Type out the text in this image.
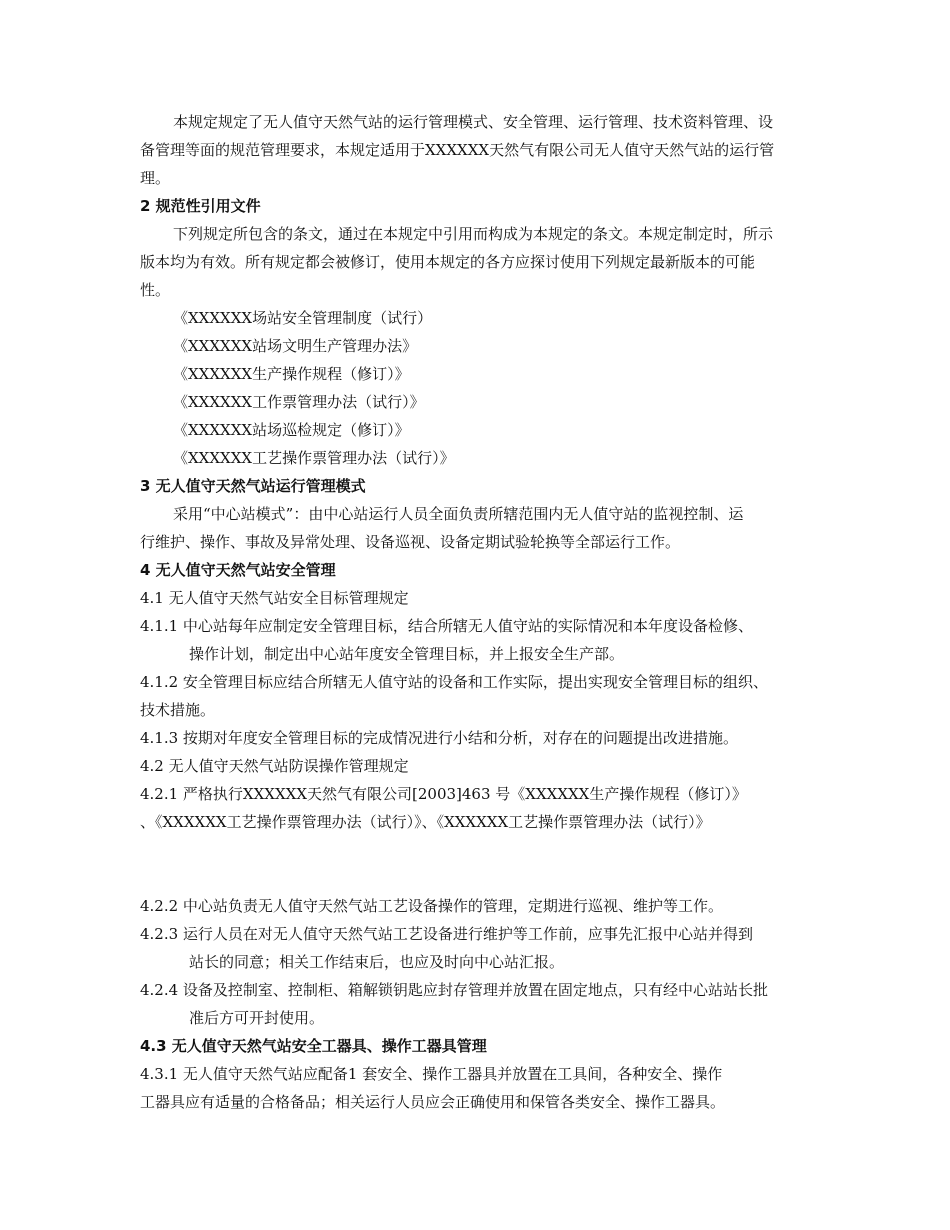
本规定规定了无人值守天然气站的运行管理模式、安全管理、运行管理、技术资料管理、设
备管理等面的规范管理要求，本规定适用于XXXXXX天然气有限公司无人值守天然气站的运行管
理。
2 规范性引用文件
下列规定所包含的条文，通过在本规定中引用而构成为本规定的条文。本规定制定时，所示
版本均为有效。所有规定都会被修订，使用本规定的各方应探讨使用下列规定最新版本的可能
性。
《XXXXXX场站安全管理制度（试行）
《XXXXXX站场文明生产管理办法》
《XXXXXX生产操作规程（修订）》
《XXXXXX工作票管理办法（试行）》
《XXXXXX站场巡检规定（修订）》
《XXXXXX工艺操作票管理办法（试行）》
3 无人值守天然气站运行管理模式
采用“中心站模式”：由中心站运行人员全面负责所辖范围内无人值守站的监视控制、运
行维护、操作、事故及异常处理、设备巡视、设备定期试验轮换等全部运行工作。
4 无人值守天然气站安全管理
4.1 无人值守天然气站安全目标管理规定
4.1.1 中心站每年应制定安全管理目标，结合所辖无人值守站的实际情况和本年度设备检修、
操作计划，制定出中心站年度安全管理目标，并上报安全生产部。
4.1.2 安全管理目标应结合所辖无人值守站的设备和工作实际，提出实现安全管理目标的组织、
技术措施。
4.1.3 按期对年度安全管理目标的完成情况进行小结和分析，对存在的问题提出改进措施。
4.2 无人值守天然气站防误操作管理规定
4.2.1 严格执行XXXXXX天然气有限公司[2003]463 号《XXXXXX生产操作规程（修订）》
、《XXXXXX工艺操作票管理办法（试行）》、《XXXXXX工艺操作票管理办法（试行）》
4.2.2 中心站负责无人值守天然气站工艺设备操作的管理，定期进行巡视、维护等工作。
4.2.3 运行人员在对无人值守天然气站工艺设备进行维护等工作前，应事先汇报中心站并得到
站长的同意；相关工作结束后，也应及时向中心站汇报。
4.2.4 设备及控制室、控制柜、箱解锁钥匙应封存管理并放置在固定地点，只有经中心站站长批
准后方可开封使用。
4.3 无人值守天然气站安全工器具、操作工器具管理
4.3.1 无人值守天然气站应配备1 套安全、操作工器具并放置在工具间，各种安全、操作
工器具应有适量的合格备品；相关运行人员应会正确使用和保管各类安全、操作工器具。
